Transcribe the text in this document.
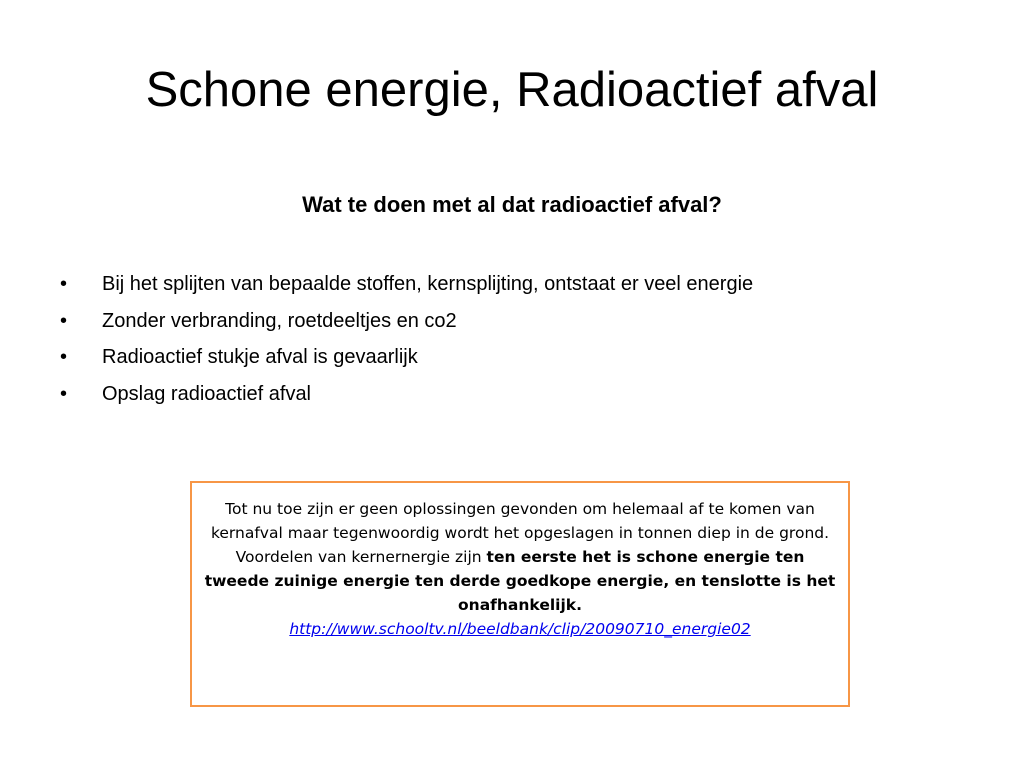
Schone energie, Radioactief afval
Wat te doen met al dat radioactief afval?
• Bij het splijten van bepaalde stoffen, kernsplijting, ontstaat er veel energie
• Zonder verbranding, roetdeeltjes en co2
• Radioactief stukje afval is gevaarlijk
• Opslag radioactief afval
Tot nu toe zijn er geen oplossingen gevonden om helemaal af te komen van kernafval maar tegenwoordig wordt het opgeslagen in tonnen diep in de grond. Voordelen van kernernergie zijn ten eerste het is schone energie ten tweede zuinige energie ten derde goedkope energie, en tenslotte is het onafhankelijk.
http://www.schooltv.nl/beeldbank/clip/20090710_energie02
